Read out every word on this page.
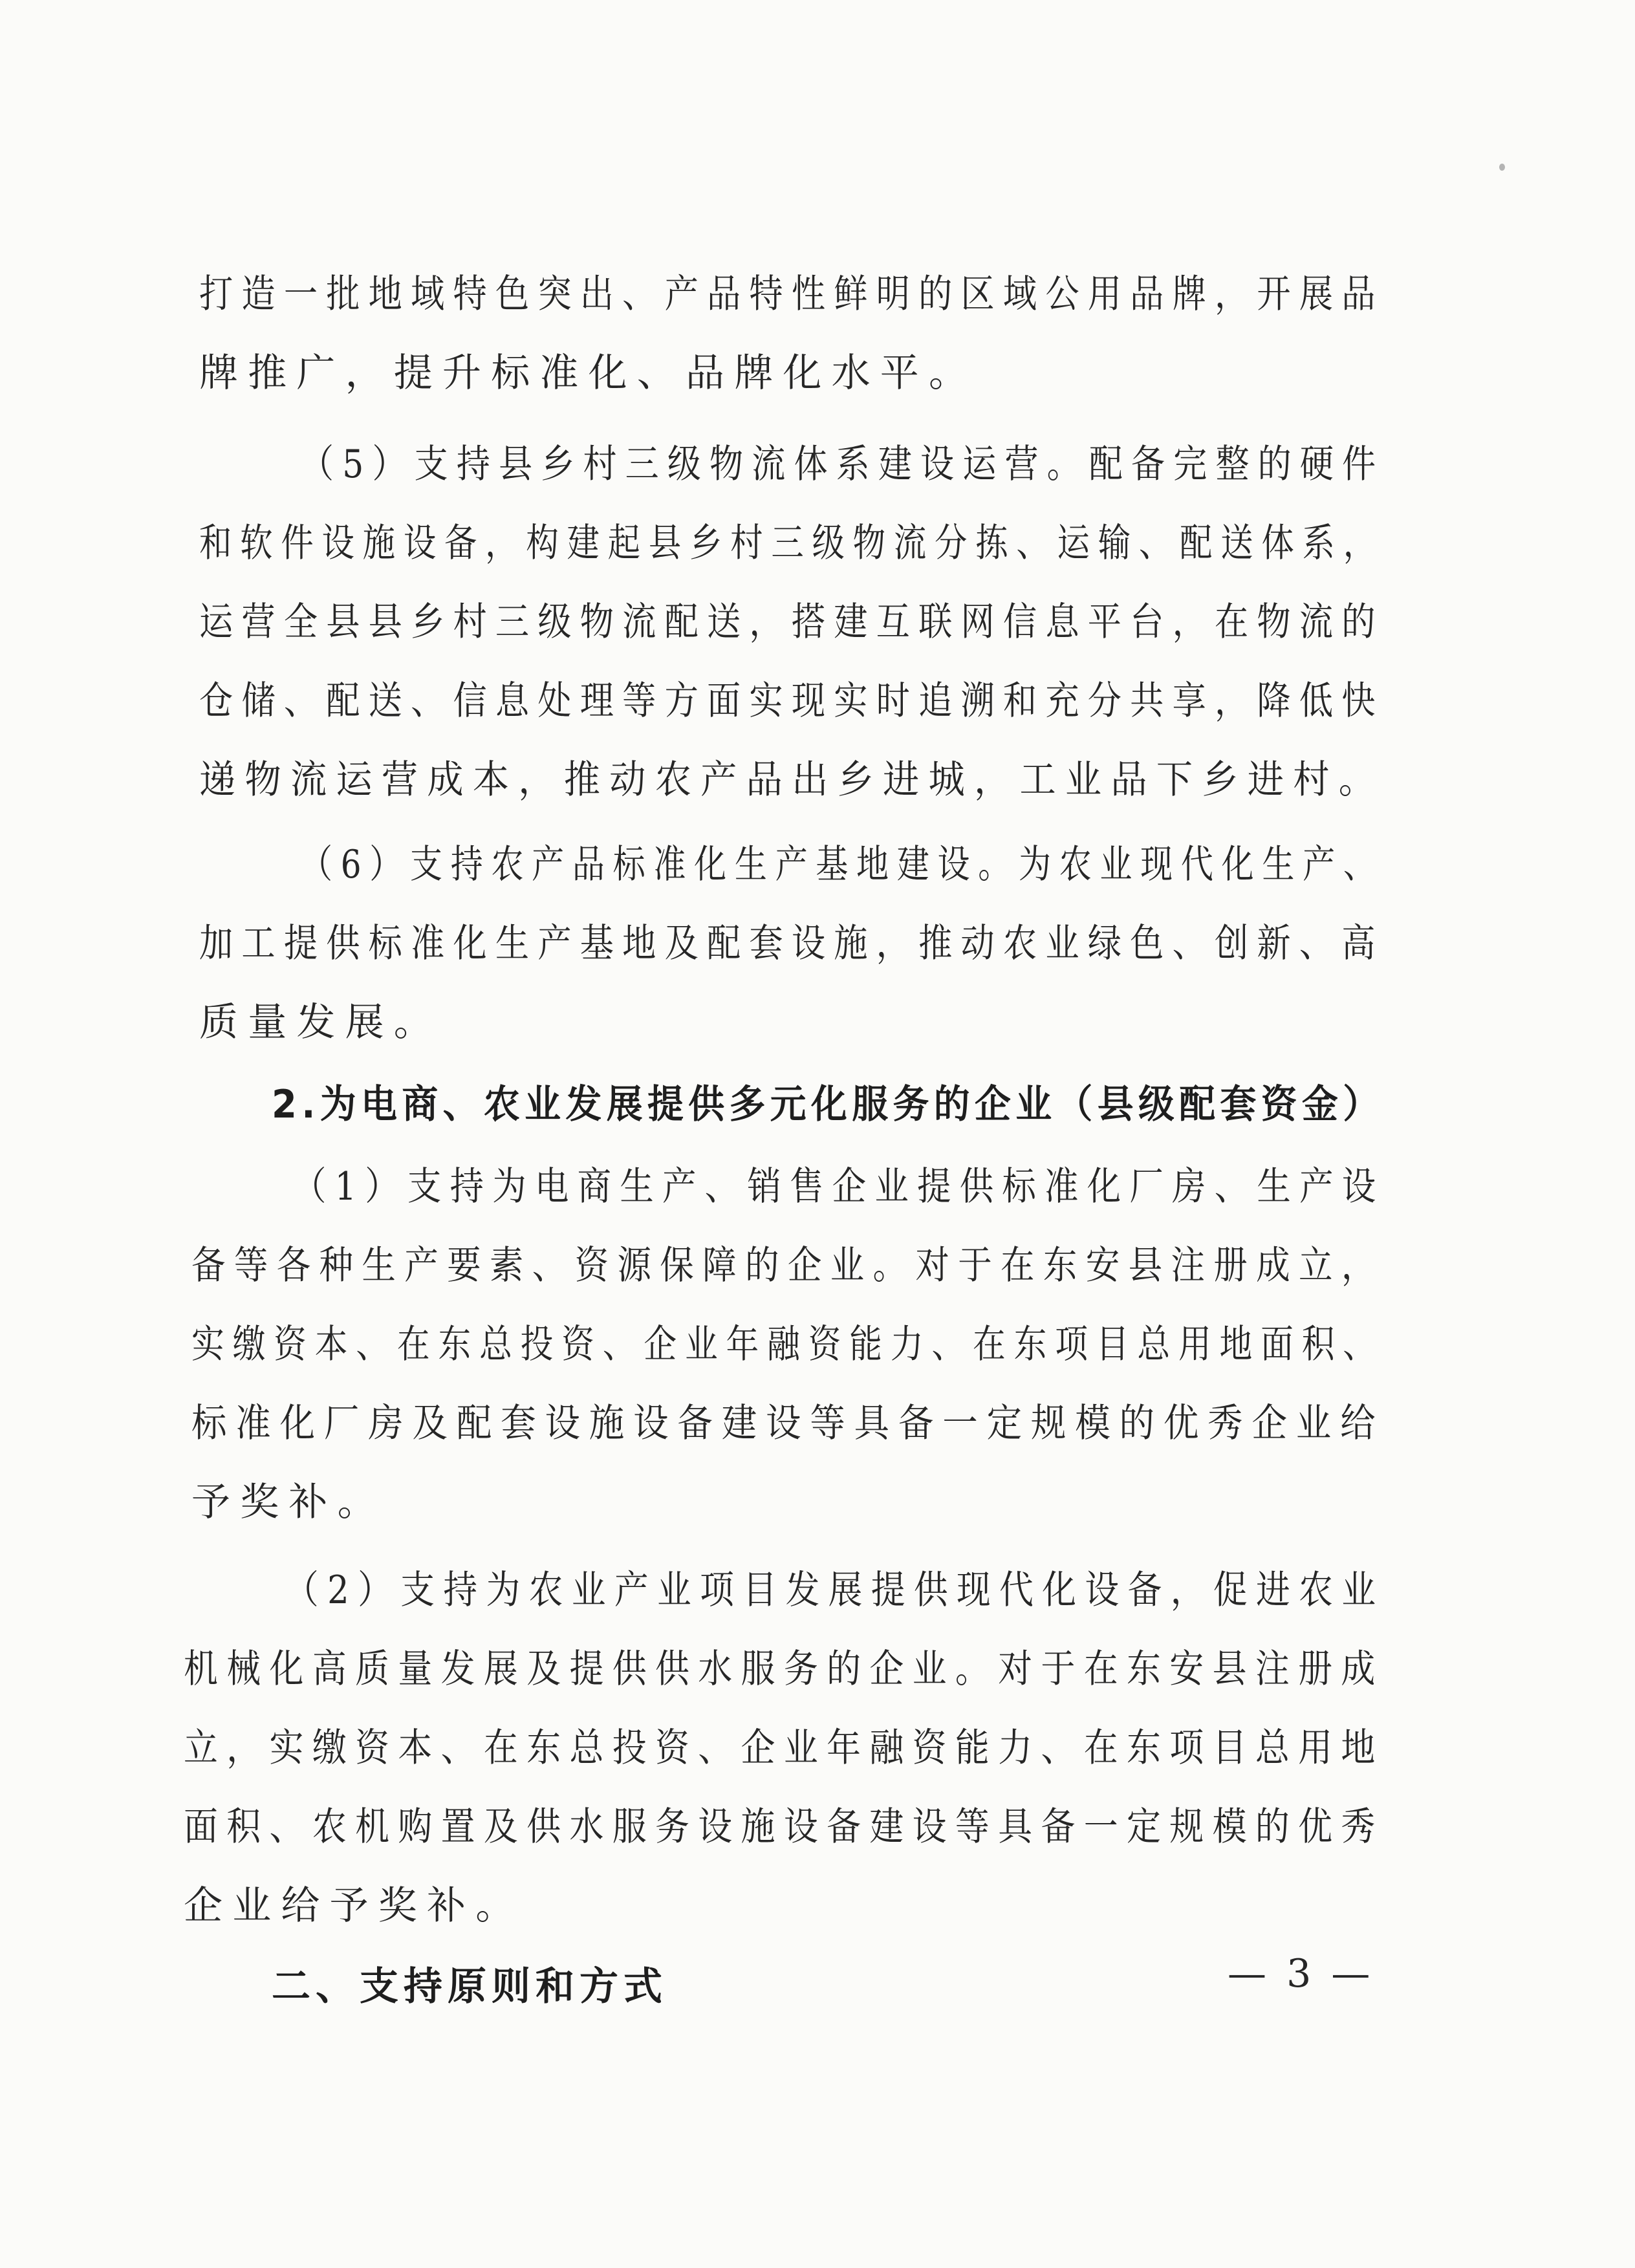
打造一批地域特色突出、产品特性鲜明的区域公用品牌，开展品
牌推广，提升标准化、品牌化水平。
（5）支持县乡村三级物流体系建设运营。配备完整的硬件
和软件设施设备，构建起县乡村三级物流分拣、运输、配送体系，
运营全县县乡村三级物流配送，搭建互联网信息平台，在物流的
仓储、配送、信息处理等方面实现实时追溯和充分共享，降低快
递物流运营成本，推动农产品出乡进城，工业品下乡进村。
（6）支持农产品标准化生产基地建设。为农业现代化生产、
加工提供标准化生产基地及配套设施，推动农业绿色、创新、高
质量发展。
2.为电商、农业发展提供多元化服务的企业（县级配套资金）
（1）支持为电商生产、销售企业提供标准化厂房、生产设
备等各种生产要素、资源保障的企业。对于在东安县注册成立，
实缴资本、在东总投资、企业年融资能力、在东项目总用地面积、
标准化厂房及配套设施设备建设等具备一定规模的优秀企业给
予奖补。
（2）支持为农业产业项目发展提供现代化设备，促进农业
机械化高质量发展及提供供水服务的企业。对于在东安县注册成
立，实缴资本、在东总投资、企业年融资能力、在东项目总用地
面积、农机购置及供水服务设施设备建设等具备一定规模的优秀
企业给予奖补。
二、支持原则和方式	— 3 —
